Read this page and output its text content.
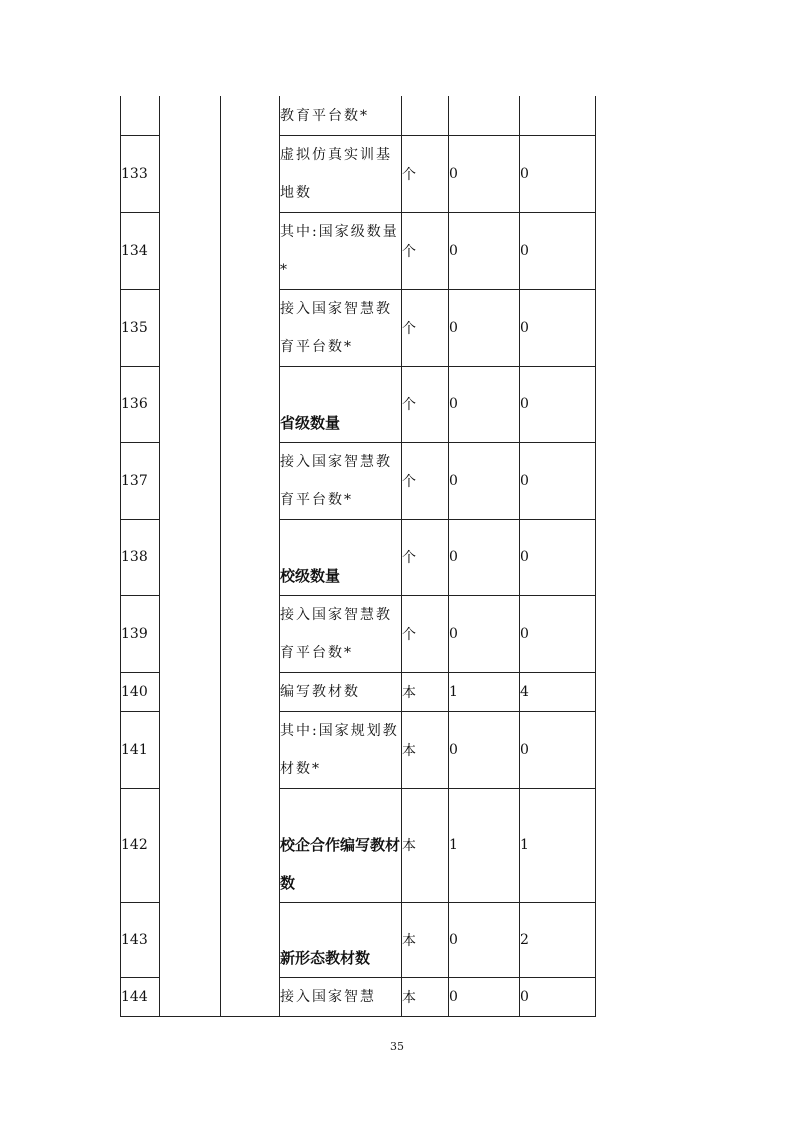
			教育平台数*			
133			虚拟仿真实训基地数	个	0	0
134			其中:国家级数量*	个	0	0
135			接入国家智慧教育平台数*	个	0	0
136			省级数量	个	0	0
137			接入国家智慧教育平台数*	个	0	0
138			校级数量	个	0	0
139			接入国家智慧教育平台数*	个	0	0
140			编写教材数	本	1	4
141			其中:国家规划教材数*	本	0	0
142			校企合作编写教材数	本	1	1
143			新形态教材数	本	0	2
144			接入国家智慧	本	0	0
35
